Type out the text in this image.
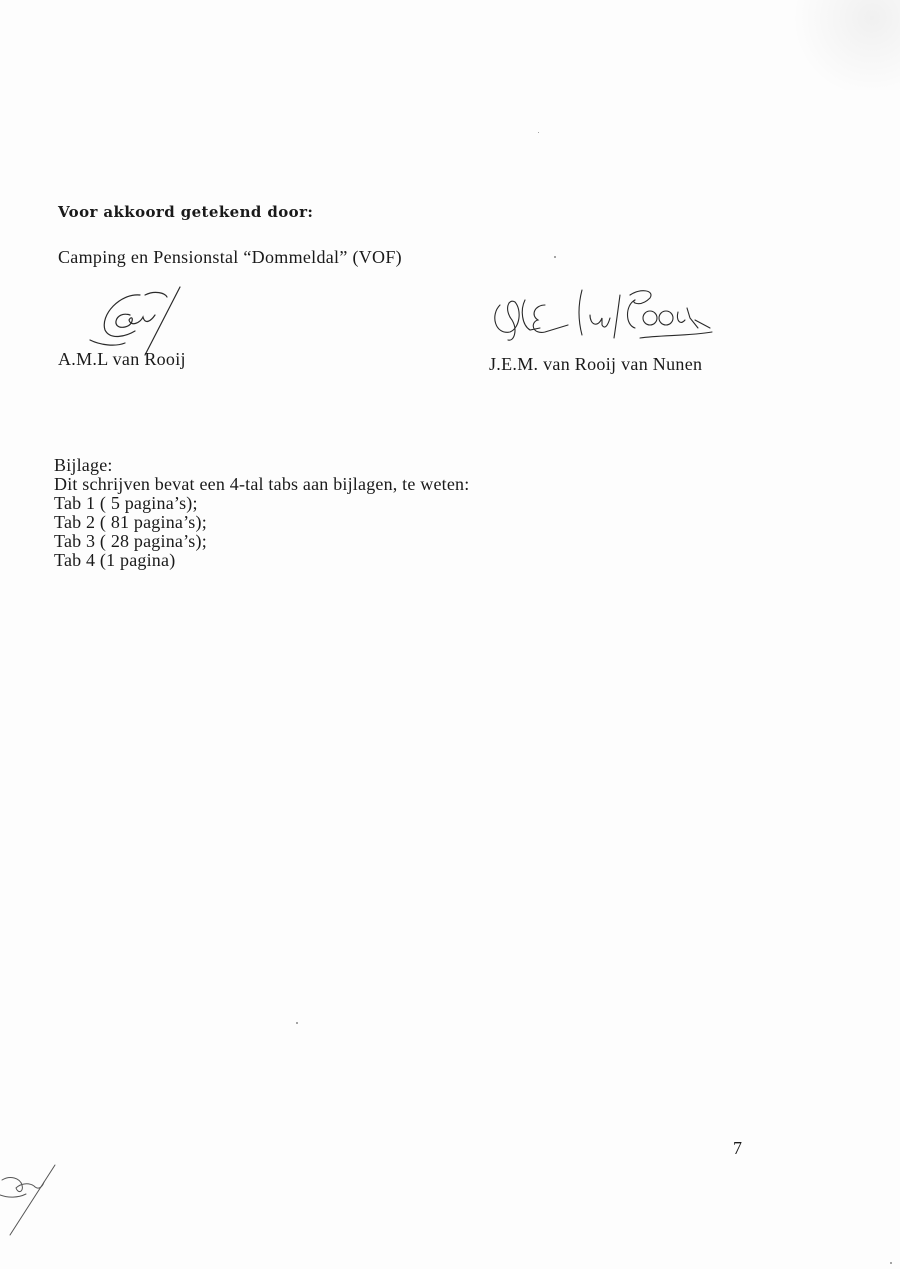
Voor akkoord getekend door:
Camping en Pensionstal “Dommeldal” (VOF)
A.M.L van Rooij	J.E.M. van Rooij van Nunen
Bijlage:
Dit schrijven bevat een 4-tal tabs aan bijlagen, te weten:
Tab 1 ( 5 pagina’s);
Tab 2 ( 81 pagina’s);
Tab 3 ( 28 pagina’s);
Tab 4 (1 pagina)
7
